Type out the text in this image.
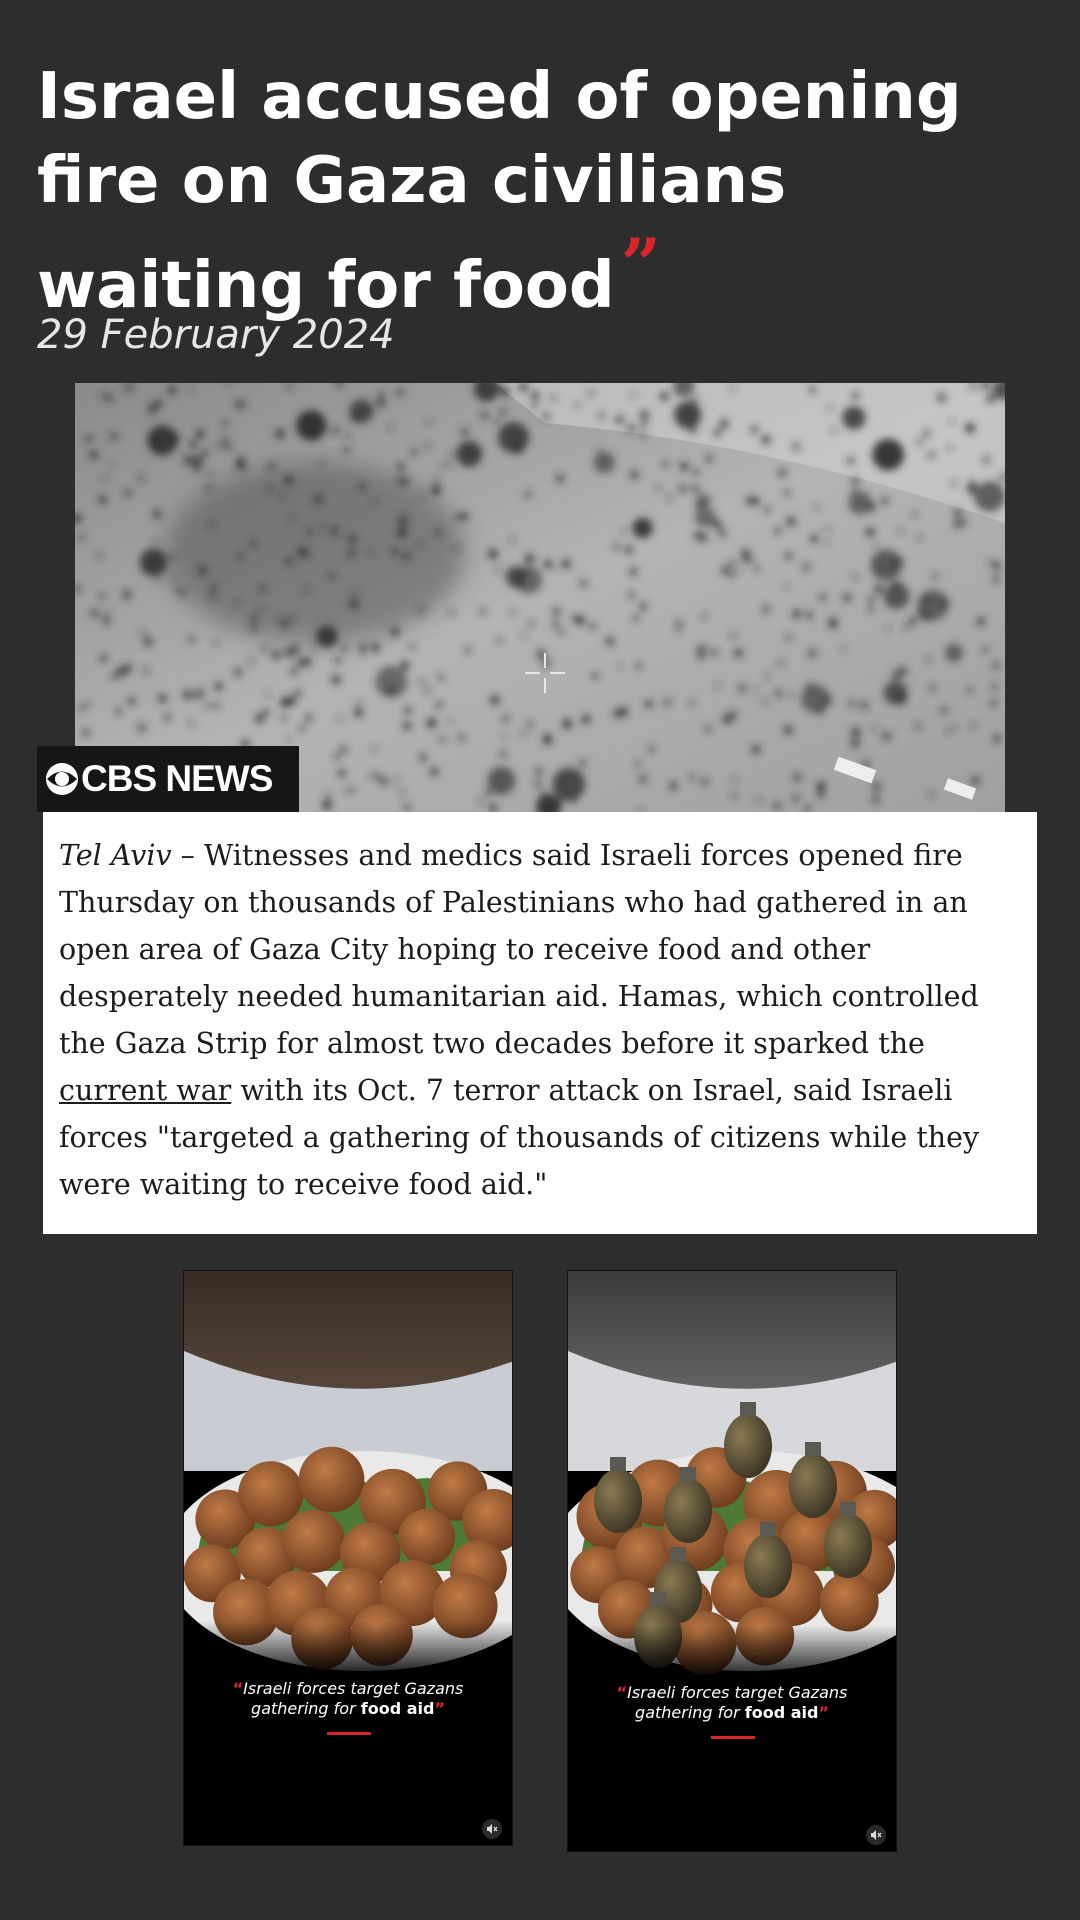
Israel accused of opening fire on Gaza civilians waiting for food”
29 February 2024
CBS NEWS
Tel Aviv – Witnesses and medics said Israeli forces opened fire Thursday on thousands of Palestinians who had gathered in an open area of Gaza City hoping to receive food and other desperately needed humanitarian aid. Hamas, which controlled the Gaza Strip for almost two decades before it sparked the current war with its Oct. 7 terror attack on Israel, said Israeli forces "targeted a gathering of thousands of citizens while they were waiting to receive food aid."
“Israeli forces target Gazans
gathering for food aid”
“Israeli forces target Gazans
gathering for food aid”
